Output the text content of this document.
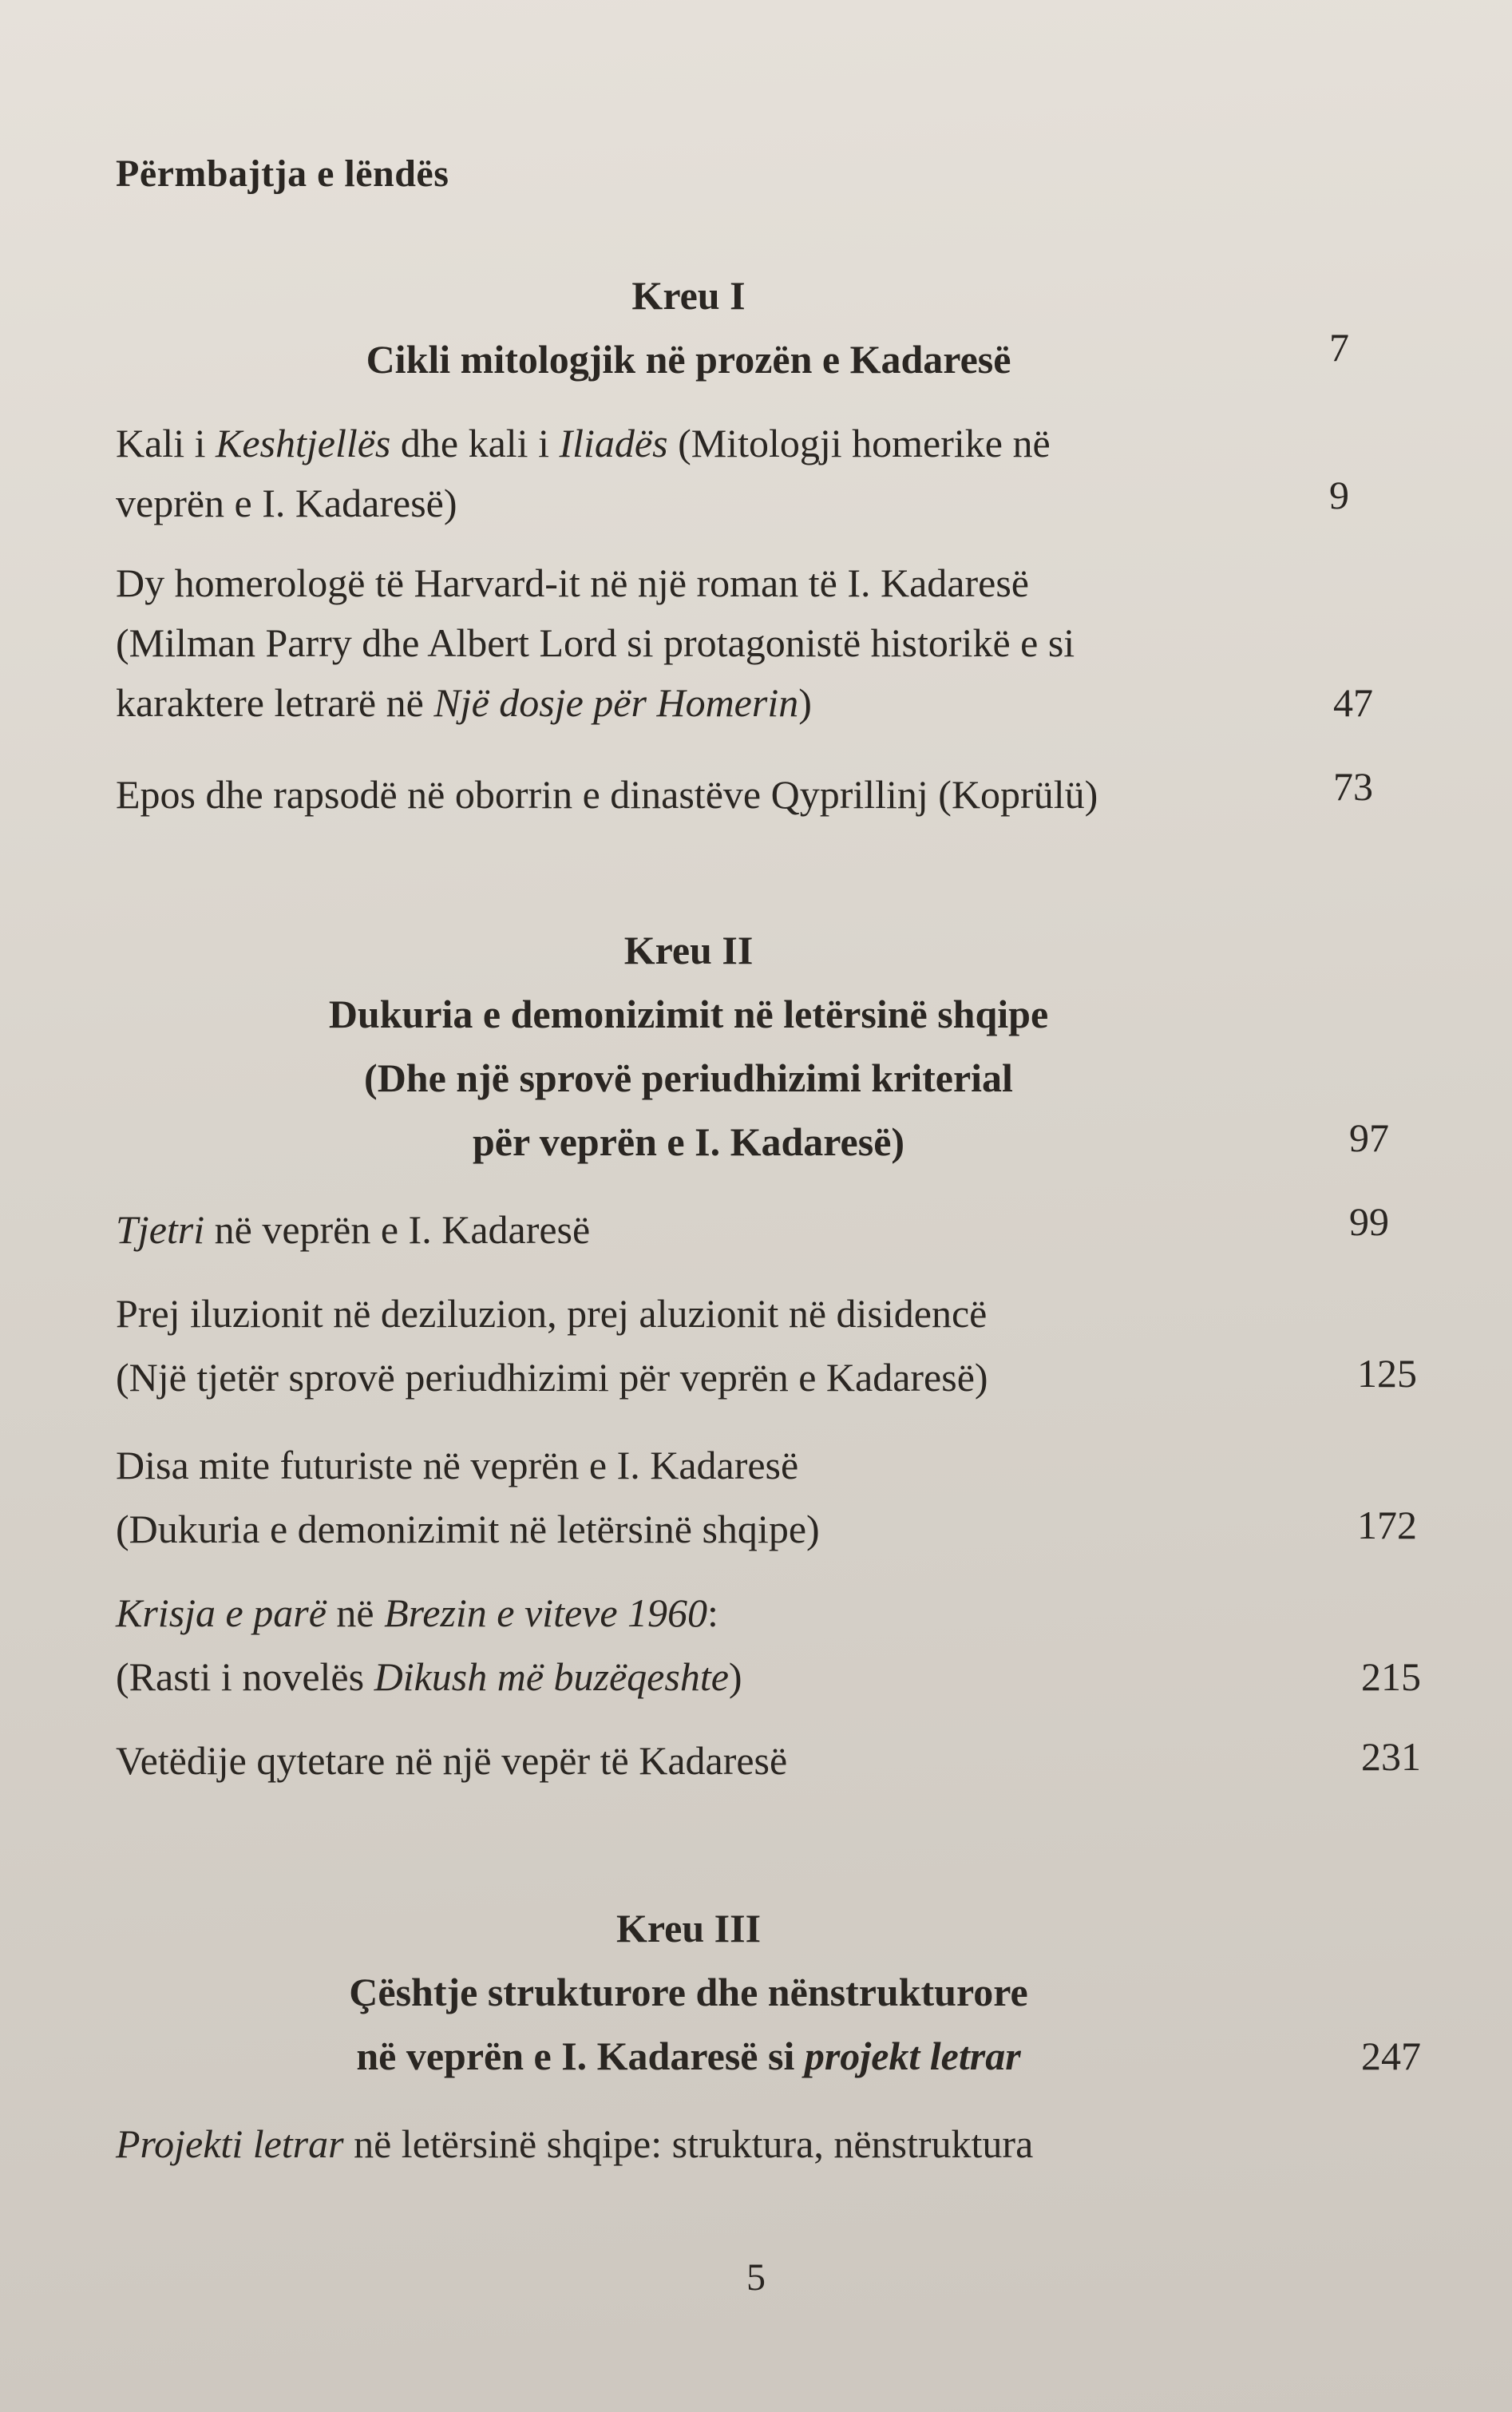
Përmbajtja e lëndës
Kreu I
Cikli mitologjik në prozën e Kadaresë	7
Kali i Keshtjellës dhe kali i Iliadës (Mitologji homerike në
veprën e I. Kadaresë)	9
Dy homerologë të Harvard-it në një roman të I. Kadaresë
(Milman Parry dhe Albert Lord si protagonistë historikë e si
karaktere letrarë në Një dosje për Homerin)	47
Epos dhe rapsodë në oborrin e dinastëve Qyprillinj (Koprülü)	73
Kreu II
Dukuria e demonizimit në letërsinë shqipe
(Dhe një sprovë periudhizimi kriterial
për veprën e I. Kadaresë)	97
Tjetri në veprën e I. Kadaresë	99
Prej iluzionit në deziluzion, prej aluzionit në disidencë
(Një tjetër sprovë periudhizimi për veprën e Kadaresë)	125
Disa mite futuriste në veprën e I. Kadaresë
(Dukuria e demonizimit në letërsinë shqipe)	172
Krisja e parë në Brezin e viteve 1960:
(Rasti i novelës Dikush më buzëqeshte)	215
Vetëdije qytetare në një vepër të Kadaresë	231
Kreu III
Çështje strukturore dhe nënstrukturore
në veprën e I. Kadaresë si projekt letrar	247
Projekti letrar në letërsinë shqipe: struktura, nënstruktura
5
